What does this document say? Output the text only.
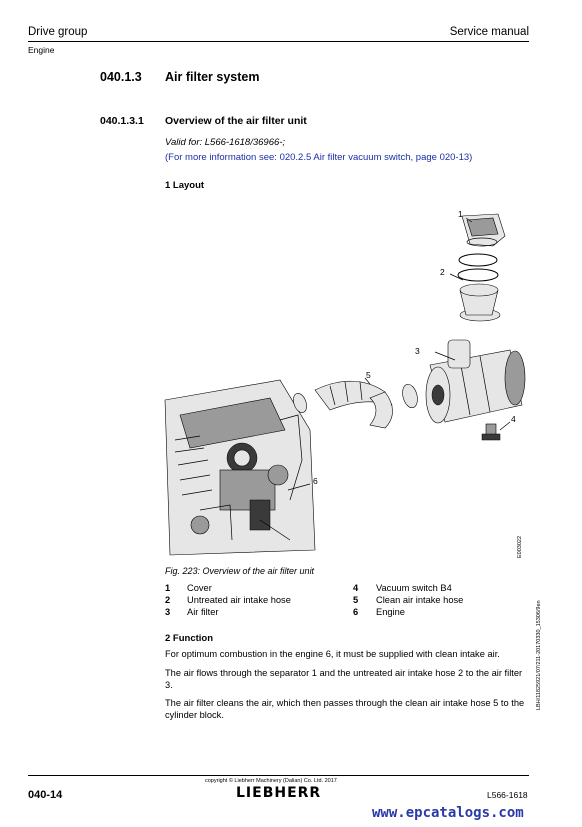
Drive group	Service manual
Engine
040.1.3 Air filter system
040.1.3.1 Overview of the air filter unit
Valid for: L566-1618/36966-;
(For more information see: 020.2.5 Air filter vacuum switch, page 020-13)
1 Layout
1
2
3
4
5
6
E003022
Fig. 223: Overview of the air filter unit
1 Cover	4 Vacuum switch B4
2 Untreated air intake hose	5 Clean air intake hose
3 Air filter	6 Engine
2 Function
For optimum combustion in the engine 6, it must be supplied with clean intake air.
The air flows through the separator 1 and the untreated air intake hose 2 to the air filter 3.
The air filter cleans the air, which then passes through the clean air intake hose 5 to the cylinder block.
LBH/11825921/07/211-20170330_15306/9en
copyright © Liebherr Machinery (Dalian) Co. Ltd. 2017
040-14	LIEBHERR	L566-1618
www.epcatalogs.com
